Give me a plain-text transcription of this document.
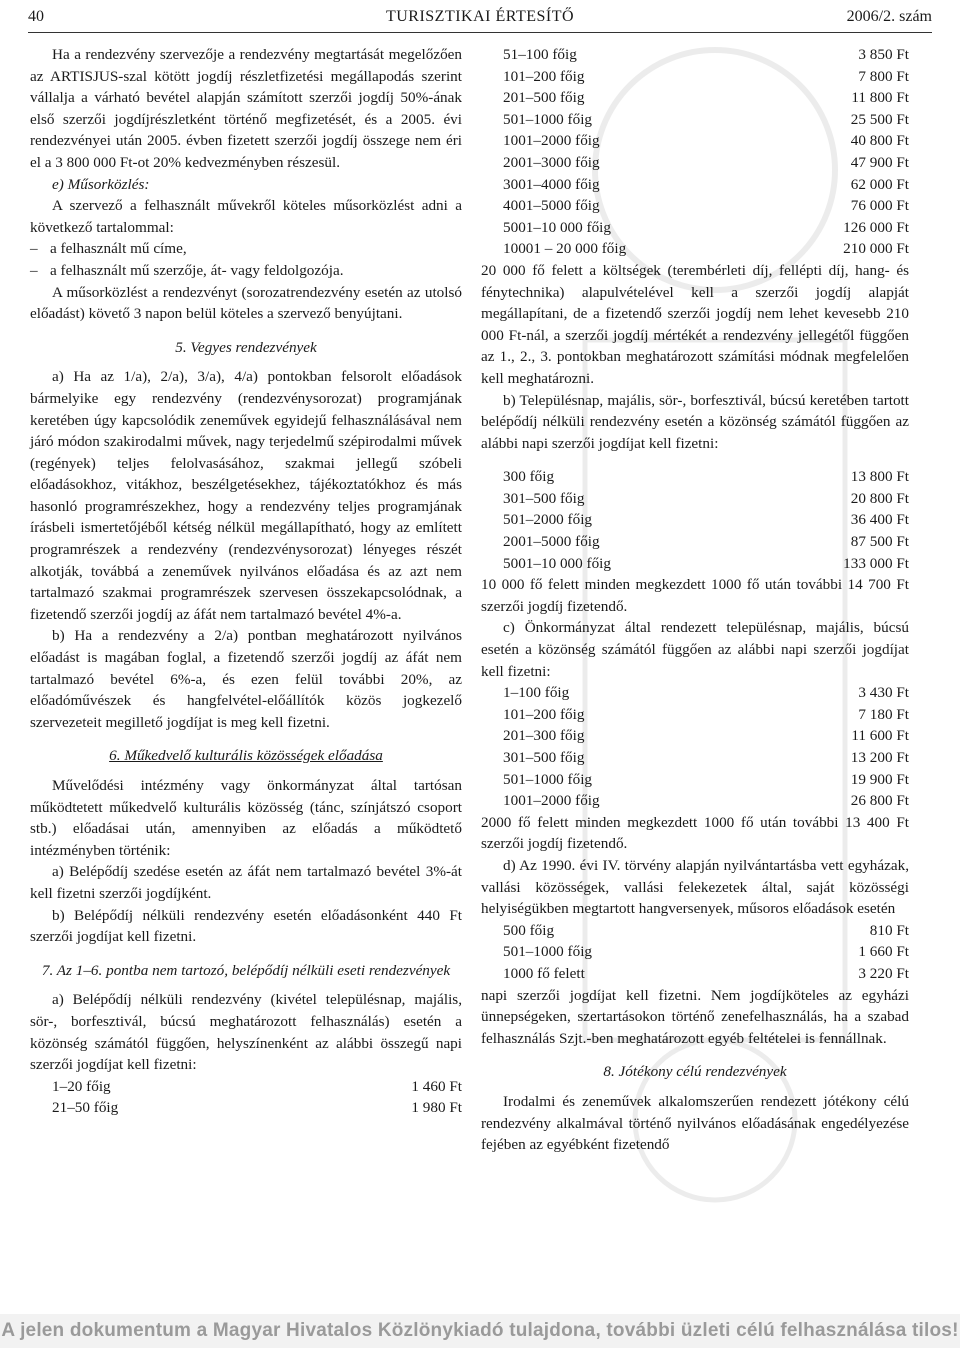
40	TURISZTIKAI ÉRTESÍTŐ	2006/2. szám

Ha a rendezvény szervezője a rendezvény megtartását megelőzően az ARTISJUS-szal kötött jogdíj részletfizetési megállapodás szerint vállalja a várható bevétel alapján számított szerzői jogdíj 50%-ának első szerzői jogdíjrészletként történő megfizetését, és a 2005. évi rendezvényei után 2005. évben fizetett szerzői jogdíj összege nem éri el a 3 800 000 Ft-ot 20% kedvezményben részesül.

e) Műsorközlés:

A szervező a felhasznált művekről köteles műsorközlést adni a következő tartalommal:

– a felhasznált mű címe,

– a felhasznált mű szerzője, át- vagy feldolgozója.

A műsorközlést a rendezvényt (sorozatrendezvény esetén az utolsó előadást) követő 3 napon belül köteles a szervező benyújtani.

5. Vegyes rendezvények

a) Ha az 1/a), 2/a), 3/a), 4/a) pontokban felsorolt előadások bármelyike egy rendezvény (rendezvénysorozat) programjának keretében úgy kapcsolódik zeneművek egyidejű felhasználásával nem járó módon szakirodalmi művek, nagy terjedelmű szépirodalmi művek (regények) teljes felolvasásához, szakmai jellegű szóbeli előadásokhoz, vitákhoz, beszélgetésekhez, tájékoztatókhoz és más hasonló programrészekhez, hogy a rendezvény teljes programjának írásbeli ismertetőjéből kétség nélkül megállapítható, hogy az említett programrészek a rendezvény (rendezvénysorozat) lényeges részét alkotják, továbbá a zeneművek nyilvános előadása és az azt nem tartalmazó szakmai programrészek szervesen összekapcsolódnak, a fizetendő szerzői jogdíj az áfát nem tartalmazó bevétel 4%-a.

b) Ha a rendezvény a 2/a) pontban meghatározott nyilvános előadást is magában foglal, a fizetendő szerzői jogdíj az áfát nem tartalmazó bevétel 6%-a, és ezen felül további 20%, az előadóművészek és hangfelvétel-előállítók közös jogkezelő szervezeteit megillető jogdíjat is meg kell fizetni.

6. Műkedvelő kulturális közösségek előadása

Művelődési intézmény vagy önkormányzat által tartósan működtetett műkedvelő kulturális közösség (tánc, színjátszó csoport stb.) előadásai után, amennyiben az előadás a működtető intézményben történik:

a) Belépődíj szedése esetén az áfát nem tartalmazó bevétel 3%-át kell fizetni szerzői jogdíjként.

b) Belépődíj nélküli rendezvény esetén előadásonként 440 Ft szerzői jogdíjat kell fizetni.

7. Az 1–6. pontba nem tartozó, belépődíj nélküli eseti rendezvények

a) Belépődíj nélküli rendezvény (kivétel településnap, majális, sör-, borfesztivál, búcsú meghatározott felhasználás) esetén a közönség számától függően, helyszínenként az alábbi összegű napi szerzői jogdíjat kell fizetni:

1–20 főig	1 460 Ft
21–50 főig	1 980 Ft
51–100 főig	3 850 Ft
101–200 főig	7 800 Ft
201–500 főig	11 800 Ft
501–1000 főig	25 500 Ft
1001–2000 főig	40 800 Ft
2001–3000 főig	47 900 Ft
3001–4000 főig	62 000 Ft
4001–5000 főig	76 000 Ft
5001–10 000 főig	126 000 Ft
10001 – 20 000 főig	210 000 Ft

20 000 fő felett a költségek (terembérleti díj, fellépti díj, hang- és fénytechnika) alapulvételével kell a szerzői jogdíj alapját megállapítani, de a fizetendő szerzői jogdíj nem lehet kevesebb 210 000 Ft-nál, a szerzői jogdíj mértékét a rendezvény jellegétől függően az 1., 2., 3. pontokban meghatározott számítási módnak megfelelően kell meghatározni.

b) Településnap, majális, sör-, borfesztivál, búcsú keretében tartott belépődíj nélküli rendezvény esetén a közönség számától függően az alábbi napi szerzői jogdíjat kell fizetni:

300 főig	13 800 Ft
301–500 főig	20 800 Ft
501–2000 főig	36 400 Ft
2001–5000 főig	87 500 Ft
5001–10 000 főig	133 000 Ft

10 000 fő felett minden megkezdett 1000 fő után további 14 700 Ft szerzői jogdíj fizetendő.

c) Önkormányzat által rendezett településnap, majális, búcsú esetén a közönség számától függően az alábbi napi szerzői jogdíjat kell fizetni:

1–100 főig	3 430 Ft
101–200 főig	7 180 Ft
201–300 főig	11 600 Ft
301–500 főig	13 200 Ft
501–1000 főig	19 900 Ft
1001–2000 főig	26 800 Ft

2000 fő felett minden megkezdett 1000 fő után további 13 400 Ft szerzői jogdíj fizetendő.

d) Az 1990. évi IV. törvény alapján nyilvántartásba vett egyházak, vallási közösségek, vallási felekezetek által, saját közösségi helyiségükben megtartott hangversenyek, műsoros előadások esetén

500 főig	810 Ft
501–1000 főig	1 660 Ft
1000 fő felett	3 220 Ft

napi szerzői jogdíjat kell fizetni. Nem jogdíjköteles az egyházi ünnepségeken, szertartásokon történő zenefelhasználás, ha a szabad felhasználás Szjt.-ben meghatározott egyéb feltételei is fennállnak.

8. Jótékony célú rendezvények

Irodalmi és zeneművek alkalomszerűen rendezett jótékony célú rendezvény alkalmával történő nyilvános előadásának engedélyezése fejében az egyébként fizetendő

A jelen dokumentum a Magyar Hivatalos Közlönykiadó tulajdona, további üzleti célú felhasználása tilos!
